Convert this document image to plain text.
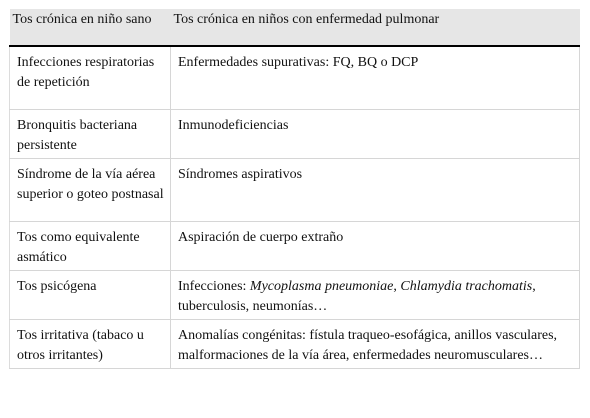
Tos crónica en niño sano	Tos crónica en niños con enfermedad pulmonar
Infecciones respiratorias de repetición	Enfermedades supurativas: FQ, BQ o DCP
Bronquitis bacteriana persistente	Inmunodeficiencias
Síndrome de la vía aérea superior o goteo postnasal	Síndromes aspirativos
Tos como equivalente asmático	Aspiración de cuerpo extraño
Tos psicógena	Infecciones: Mycoplasma pneumoniae, Chlamydia trachomatis, tuberculosis, neumonías…
Tos irritativa (tabaco u otros irritantes)	Anomalías congénitas: fístula traqueo-esofágica, anillos vasculares, malformaciones de la vía área, enfermedades neuromusculares…
